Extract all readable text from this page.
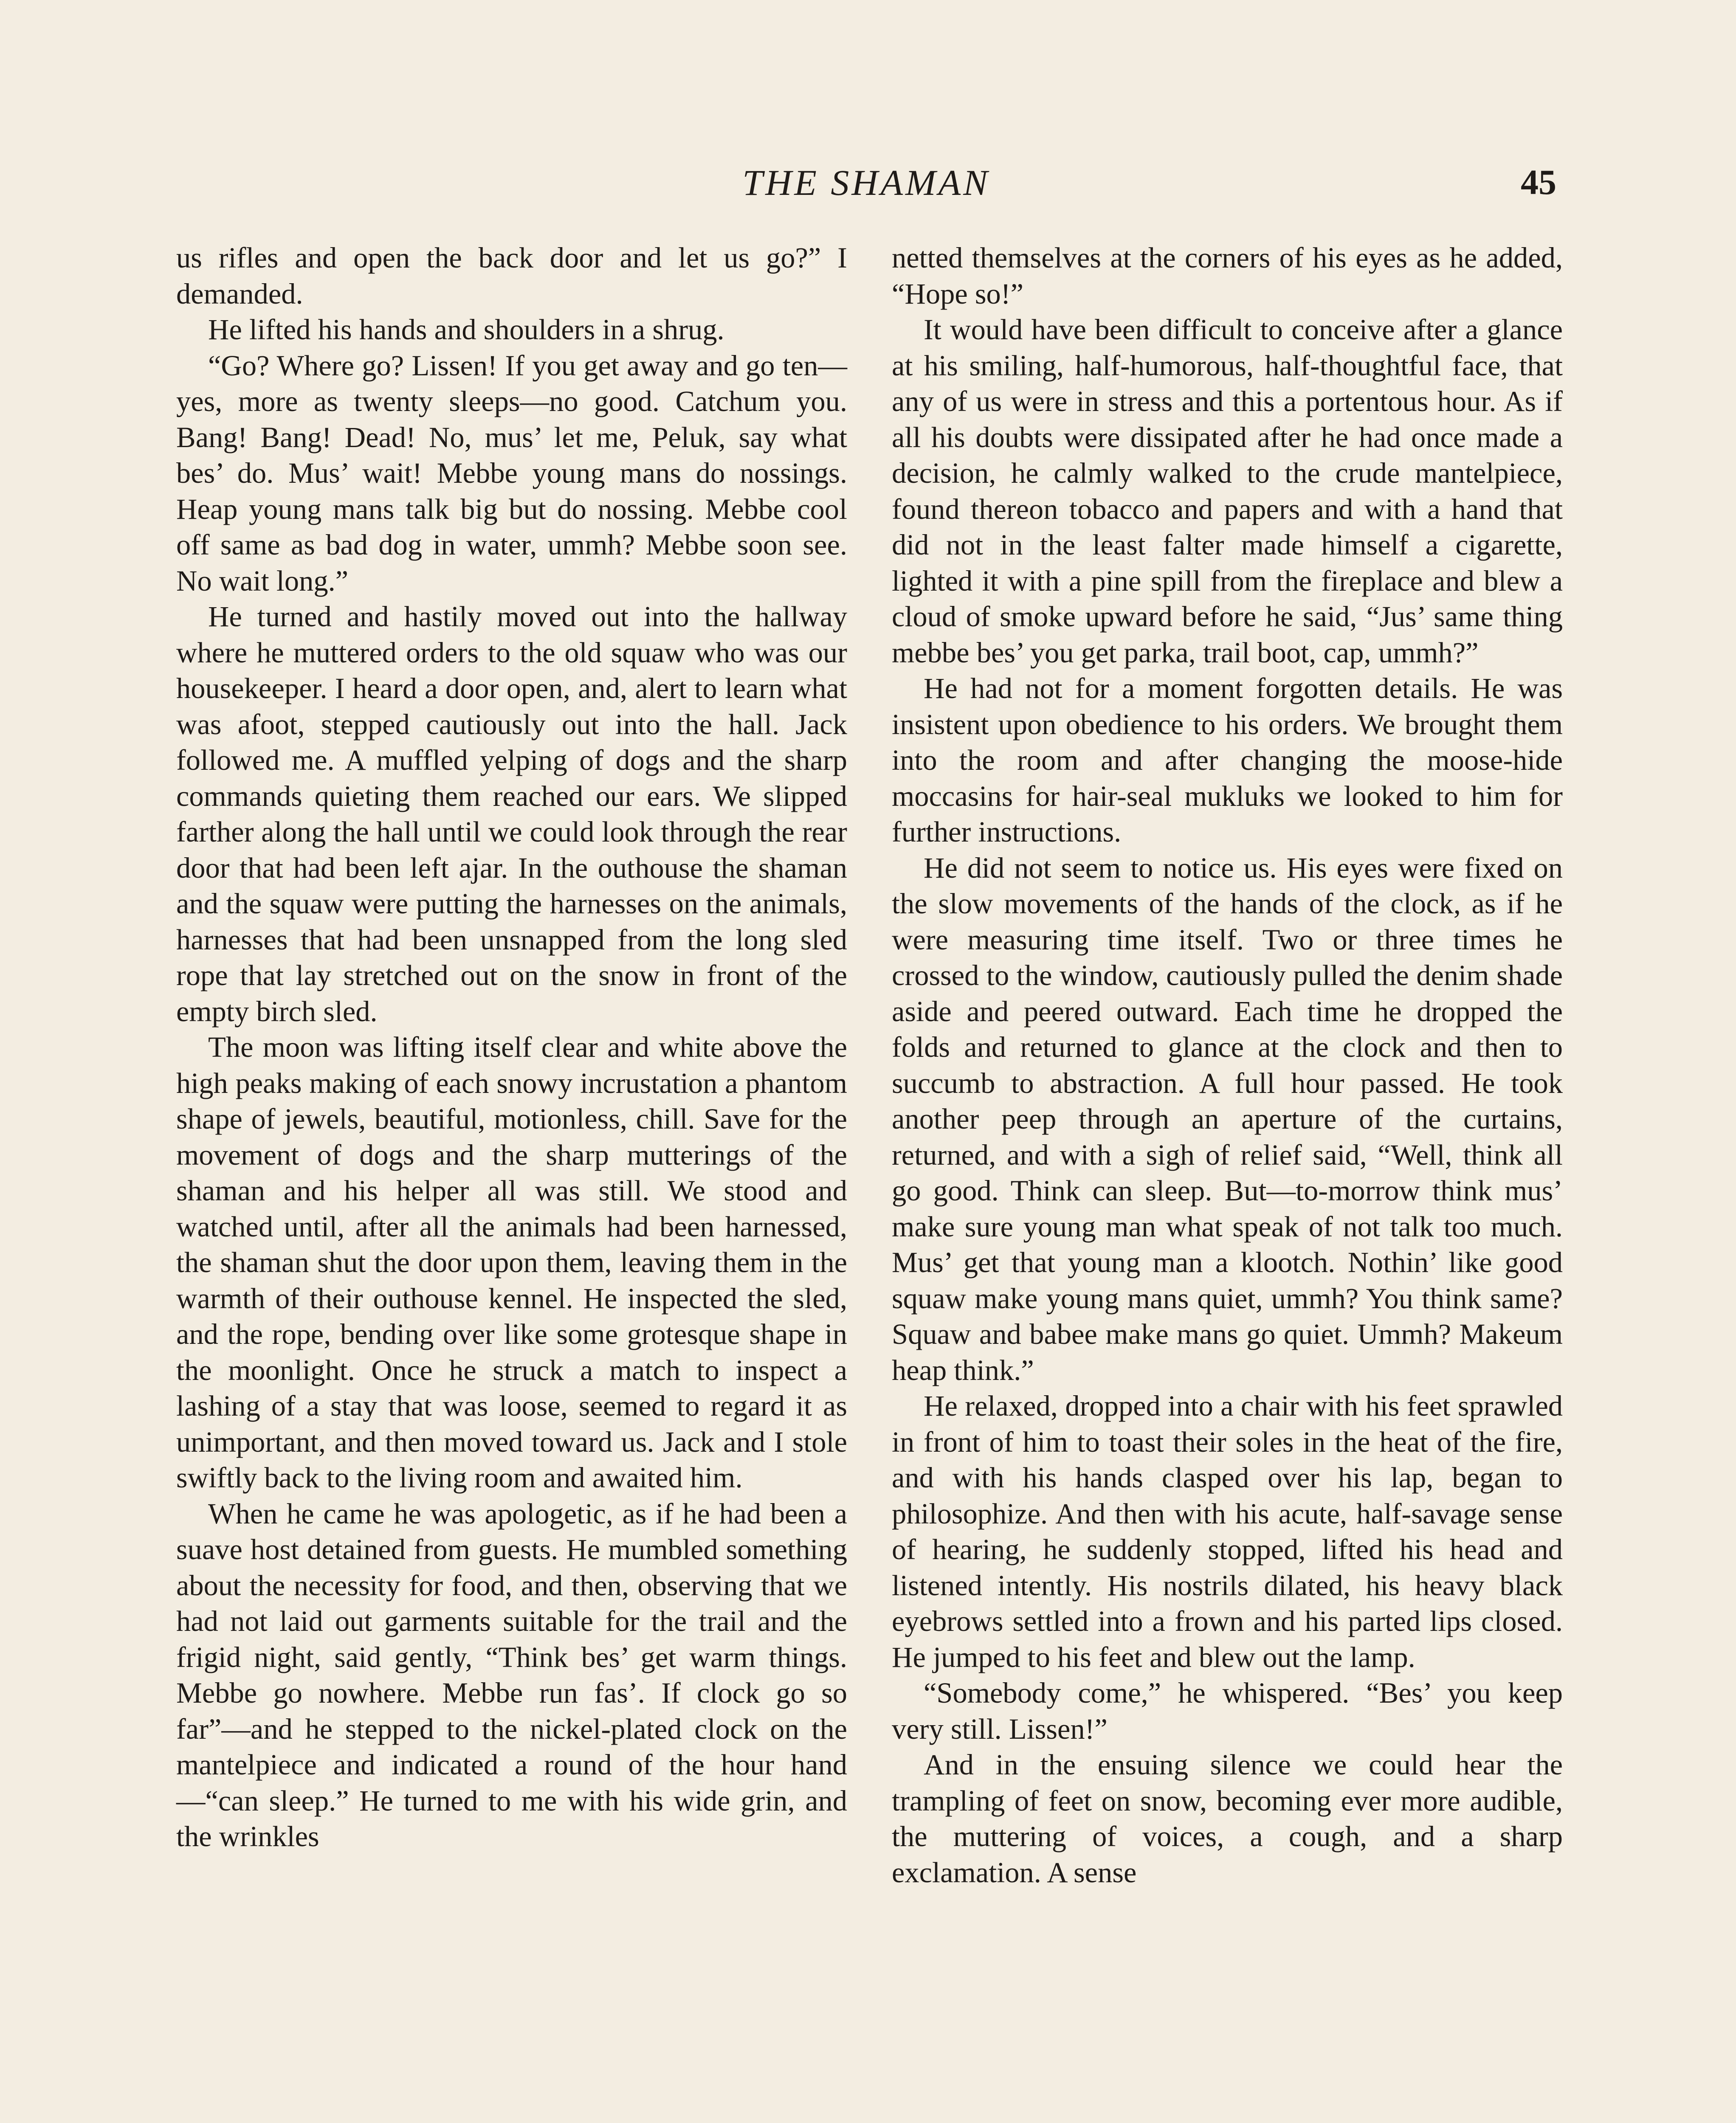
THE SHAMAN	45

us rifles and open the back door and let us go?” I demanded.

He lifted his hands and shoulders in a shrug.

“Go? Where go? Lissen! If you get away and go ten—yes, more as twenty sleeps—no good. Catchum you. Bang! Bang! Dead! No, mus’ let me, Peluk, say what bes’ do. Mus’ wait! Mebbe young mans do nossings. Heap young mans talk big but do nossing. Mebbe cool off same as bad dog in water, ummh? Mebbe soon see. No wait long.”

He turned and hastily moved out into the hallway where he muttered orders to the old squaw who was our housekeeper. I heard a door open, and, alert to learn what was afoot, stepped cautiously out into the hall. Jack followed me. A muffled yelping of dogs and the sharp commands quieting them reached our ears. We slipped farther along the hall until we could look through the rear door that had been left ajar. In the outhouse the shaman and the squaw were putting the harnesses on the animals, harnesses that had been unsnapped from the long sled rope that lay stretched out on the snow in front of the empty birch sled.

The moon was lifting itself clear and white above the high peaks making of each snowy incrustation a phantom shape of jewels, beautiful, motionless, chill. Save for the movement of dogs and the sharp mutterings of the shaman and his helper all was still. We stood and watched until, after all the animals had been harnessed, the shaman shut the door upon them, leaving them in the warmth of their outhouse kennel. He inspected the sled, and the rope, bending over like some grotesque shape in the moonlight. Once he struck a match to inspect a lashing of a stay that was loose, seemed to regard it as unimportant, and then moved toward us. Jack and I stole swiftly back to the living room and awaited him.

When he came he was apologetic, as if he had been a suave host detained from guests. He mumbled something about the necessity for food, and then, observing that we had not laid out garments suitable for the trail and the frigid night, said gently, “Think bes’ get warm things. Mebbe go nowhere. Mebbe run fas’. If clock go so far”—and he stepped to the nickel-plated clock on the mantelpiece and indicated a round of the hour hand—“can sleep.” He turned to me with his wide grin, and the wrinkles

netted themselves at the corners of his eyes as he added, “Hope so!”

It would have been difficult to conceive after a glance at his smiling, half-humorous, half-thoughtful face, that any of us were in stress and this a portentous hour. As if all his doubts were dissipated after he had once made a decision, he calmly walked to the crude mantelpiece, found thereon tobacco and papers and with a hand that did not in the least falter made himself a cigarette, lighted it with a pine spill from the fireplace and blew a cloud of smoke upward before he said, “Jus’ same thing mebbe bes’ you get parka, trail boot, cap, ummh?”

He had not for a moment forgotten details. He was insistent upon obedience to his orders. We brought them into the room and after changing the moose-hide moccasins for hair-seal mukluks we looked to him for further instructions.

He did not seem to notice us. His eyes were fixed on the slow movements of the hands of the clock, as if he were measuring time itself. Two or three times he crossed to the window, cautiously pulled the denim shade aside and peered outward. Each time he dropped the folds and returned to glance at the clock and then to succumb to abstraction. A full hour passed. He took another peep through an aperture of the curtains, returned, and with a sigh of relief said, “Well, think all go good. Think can sleep. But—to-morrow think mus’ make sure young man what speak of not talk too much. Mus’ get that young man a klootch. Nothin’ like good squaw make young mans quiet, ummh? You think same? Squaw and babee make mans go quiet. Ummh? Makeum heap think.”

He relaxed, dropped into a chair with his feet sprawled in front of him to toast their soles in the heat of the fire, and with his hands clasped over his lap, began to philosophize. And then with his acute, half-savage sense of hearing, he suddenly stopped, lifted his head and listened intently. His nostrils dilated, his heavy black eyebrows settled into a frown and his parted lips closed. He jumped to his feet and blew out the lamp.

“Somebody come,” he whispered. “Bes’ you keep very still. Lissen!”

And in the ensuing silence we could hear the trampling of feet on snow, becoming ever more audible, the muttering of voices, a cough, and a sharp exclamation. A sense
